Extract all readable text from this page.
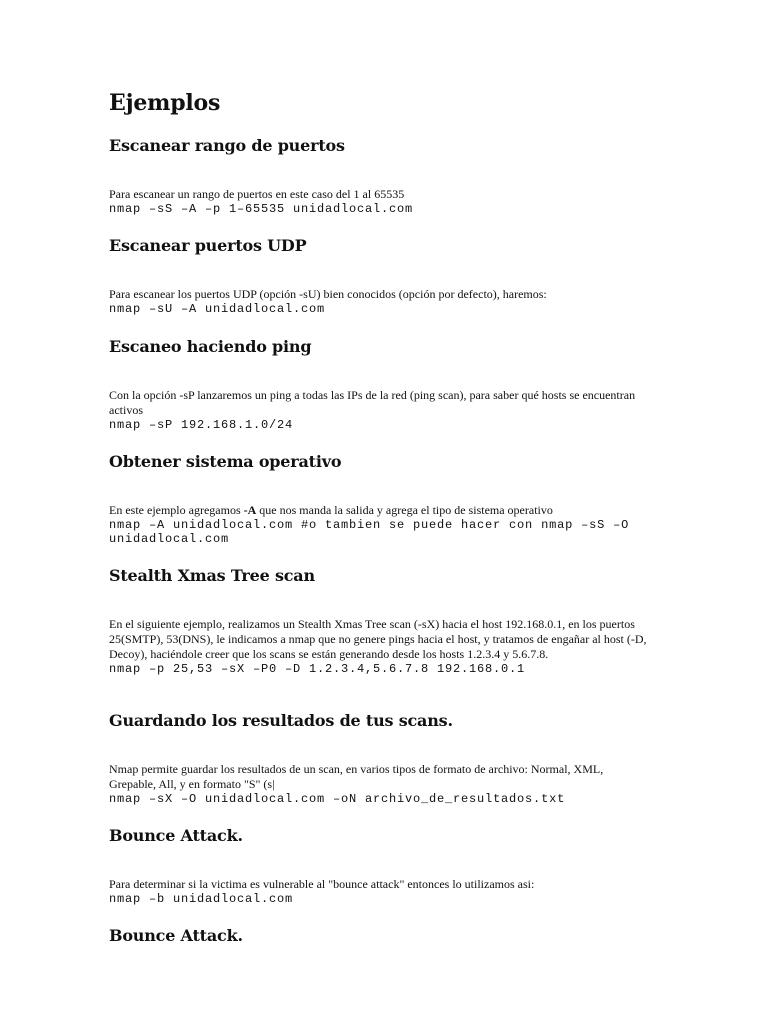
Ejemplos
Escanear rango de puertos

Para escanear un rango de puertos en este caso del 1 al 65535

nmap –sS –A –p 1–65535 unidadlocal.com

Escanear puertos UDP

Para escanear los puertos UDP (opción -sU) bien conocidos (opción por defecto), haremos:

nmap –sU –A unidadlocal.com

Escaneo haciendo ping

Con la opción -sP lanzaremos un ping a todas las IPs de la red (ping scan), para saber qué hosts se encuentran activos

nmap –sP 192.168.1.0/24

Obtener sistema operativo

En este ejemplo agregamos -A que nos manda la salida y agrega el tipo de sistema operativo

nmap –A unidadlocal.com #o tambien se puede hacer con nmap –sS –O unidadlocal.com

Stealth Xmas Tree scan

En el siguiente ejemplo, realizamos un Stealth Xmas Tree scan (-sX) hacia el host 192.168.0.1, en los puertos 25(SMTP), 53(DNS), le indicamos a nmap que no genere pings hacia el host, y tratamos de engañar al host (-D, Decoy), haciéndole creer que los scans se están generando desde los hosts 1.2.3.4 y 5.6.7.8.

nmap –p 25,53 –sX –P0 –D 1.2.3.4,5.6.7.8 192.168.0.1

Guardando los resultados de tus scans.

Nmap permite guardar los resultados de un scan, en varios tipos de formato de archivo: Normal, XML, Grepable, All, y en formato "S" (s|

nmap –sX –O unidadlocal.com –oN archivo_de_resultados.txt

Bounce Attack.

Para determinar si la victima es vulnerable al "bounce attack" entonces lo utilizamos asi:

nmap –b unidadlocal.com

Bounce Attack.
